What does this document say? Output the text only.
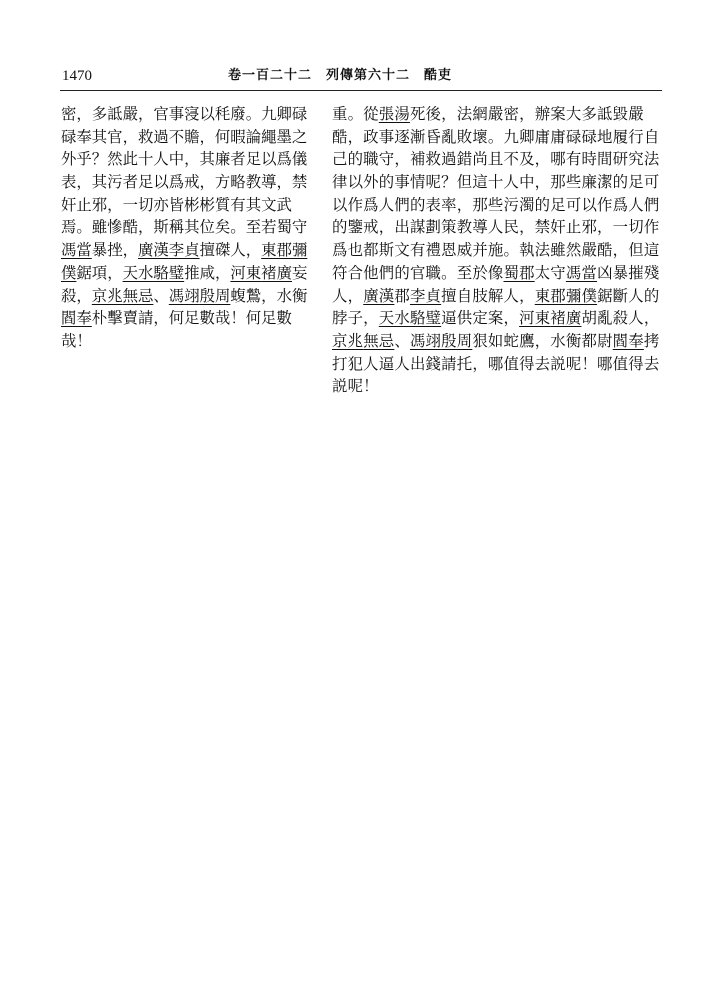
1470	卷一百二十二　列傳第六十二　酷吏
密，多詆嚴，官事寖以秏廢。九卿碌
碌奉其官，救過不贍，何暇論繩墨之
外乎？然此十人中，其廉者足以爲儀
表，其污者足以爲戒，方略教導，禁
奸止邪，一切亦皆彬彬質有其文武
焉。雖慘酷，斯稱其位矣。至若蜀守
馮當暴挫，廣漢李貞擅磔人，東郡彌
僕鋸項，天水駱璧推咸，河東褚廣妄
殺，京兆無忌、馮翊殷周蝮鷙，水衡
閻奉朴擊賣請，何足數哉！何足數
哉！
重。從張湯死後，法網嚴密，辦案大多詆毀嚴
酷，政事逐漸昏亂敗壞。九卿庸庸碌碌地履行自
己的職守，補救過錯尚且不及，哪有時間研究法
律以外的事情呢？但這十人中，那些廉潔的足可
以作爲人們的表率，那些污濁的足可以作爲人們
的鑒戒，出謀劃策教導人民，禁奸止邪，一切作
爲也都斯文有禮恩威并施。執法雖然嚴酷，但這
符合他們的官職。至於像蜀郡太守馮當凶暴摧殘
人，廣漢郡李貞擅自肢解人，東郡彌僕鋸斷人的
脖子，天水駱璧逼供定案，河東褚廣胡亂殺人，
京兆無忌、馮翊殷周狠如蛇鷹，水衡都尉閻奉拷
打犯人逼人出錢請托，哪值得去説呢！哪值得去
説呢！
